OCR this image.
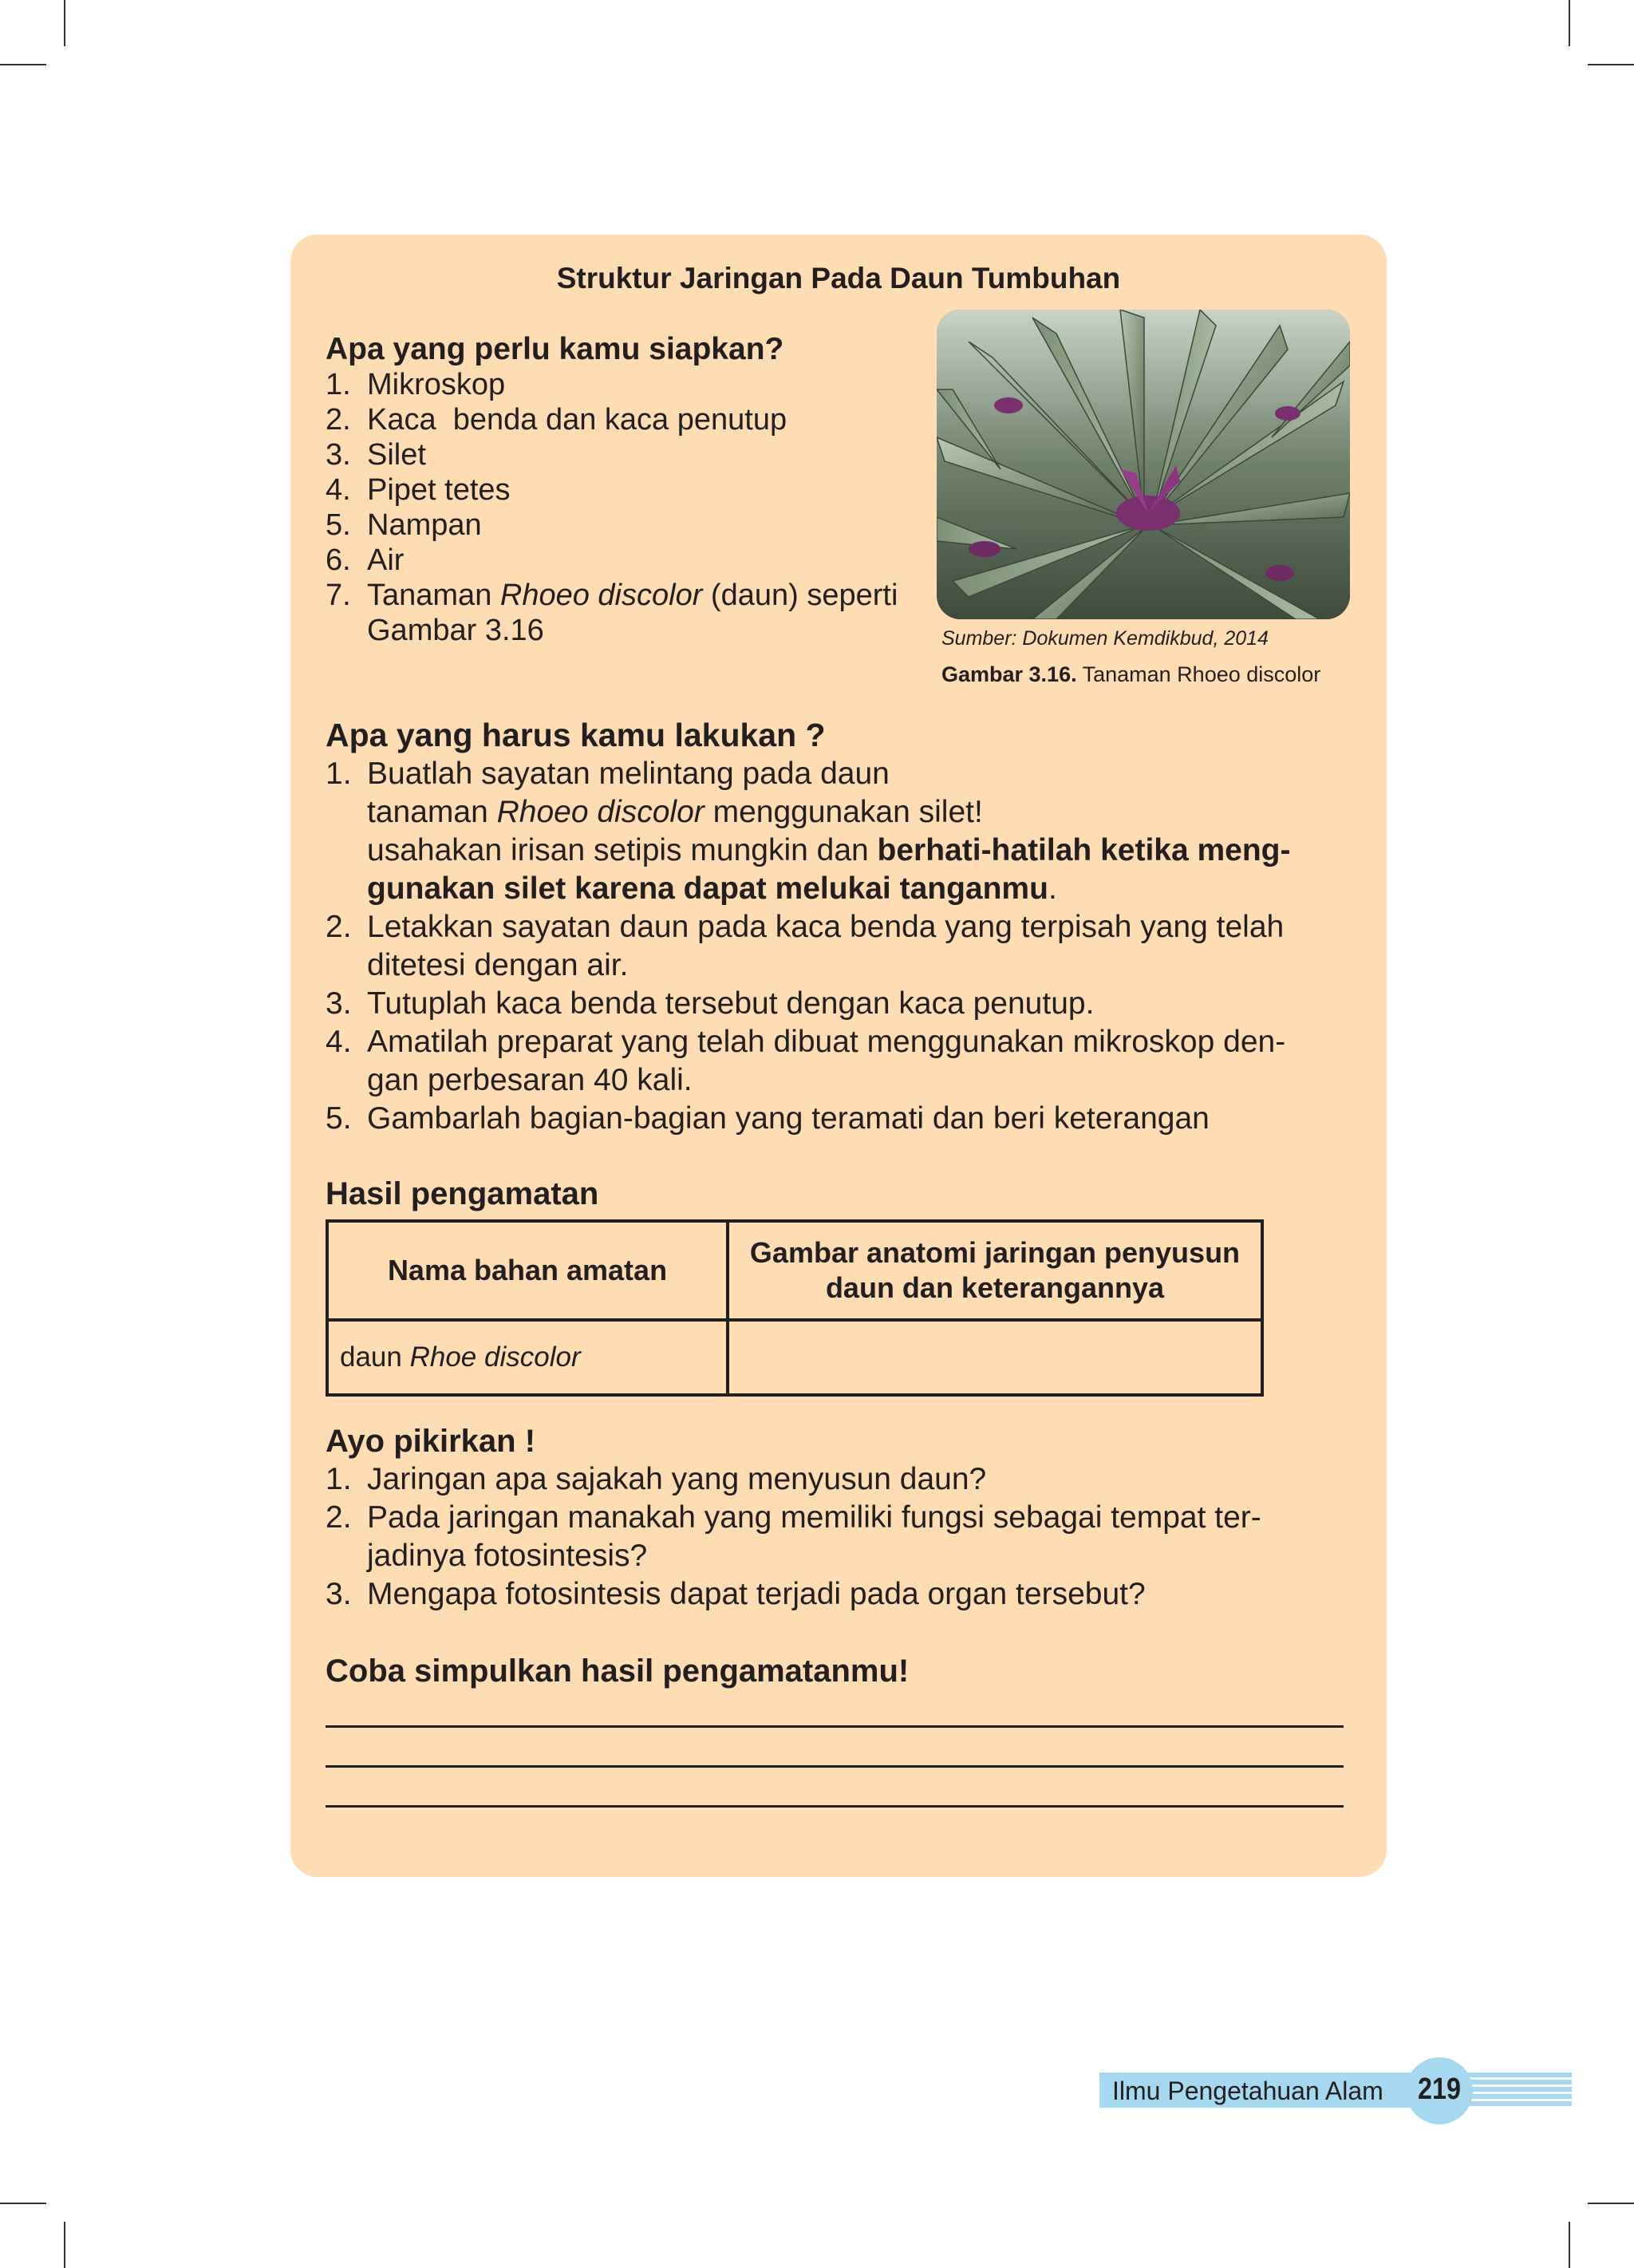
Struktur Jaringan Pada Daun Tumbuhan
Apa yang perlu kamu siapkan?
1. Mikroskop
2. Kaca  benda dan kaca penutup
3. Silet
4. Pipet tetes
5. Nampan
6. Air
7. Tanaman Rhoeo discolor (daun) seperti
Gambar 3.16	Sumber: Dokumen Kemdikbud, 2014
Gambar 3.16. Tanaman Rhoeo discolor
Apa yang harus kamu lakukan ?
1. Buatlah sayatan melintang pada daun
tanaman Rhoeo discolor menggunakan silet!
usahakan irisan setipis mungkin dan berhati-hatilah ketika meng-
gunakan silet karena dapat melukai tanganmu.
2. Letakkan sayatan daun pada kaca benda yang terpisah yang telah
ditetesi dengan air.
3. Tutuplah kaca benda tersebut dengan kaca penutup.
4. Amatilah preparat yang telah dibuat menggunakan mikroskop den-
gan perbesaran 40 kali.
5. Gambarlah bagian-bagian yang teramati dan beri keterangan
Hasil pengamatan
Nama bahan amatan	Gambar anatomi jaringan penyusun
daun dan keterangannya
daun Rhoe discolor	
Ayo pikirkan !
1. Jaringan apa sajakah yang menyusun daun?
2. Pada jaringan manakah yang memiliki fungsi sebagai tempat ter-
jadinya fotosintesis?
3. Mengapa fotosintesis dapat terjadi pada organ tersebut?
Coba simpulkan hasil pengamatanmu!
Ilmu Pengetahuan Alam 219
